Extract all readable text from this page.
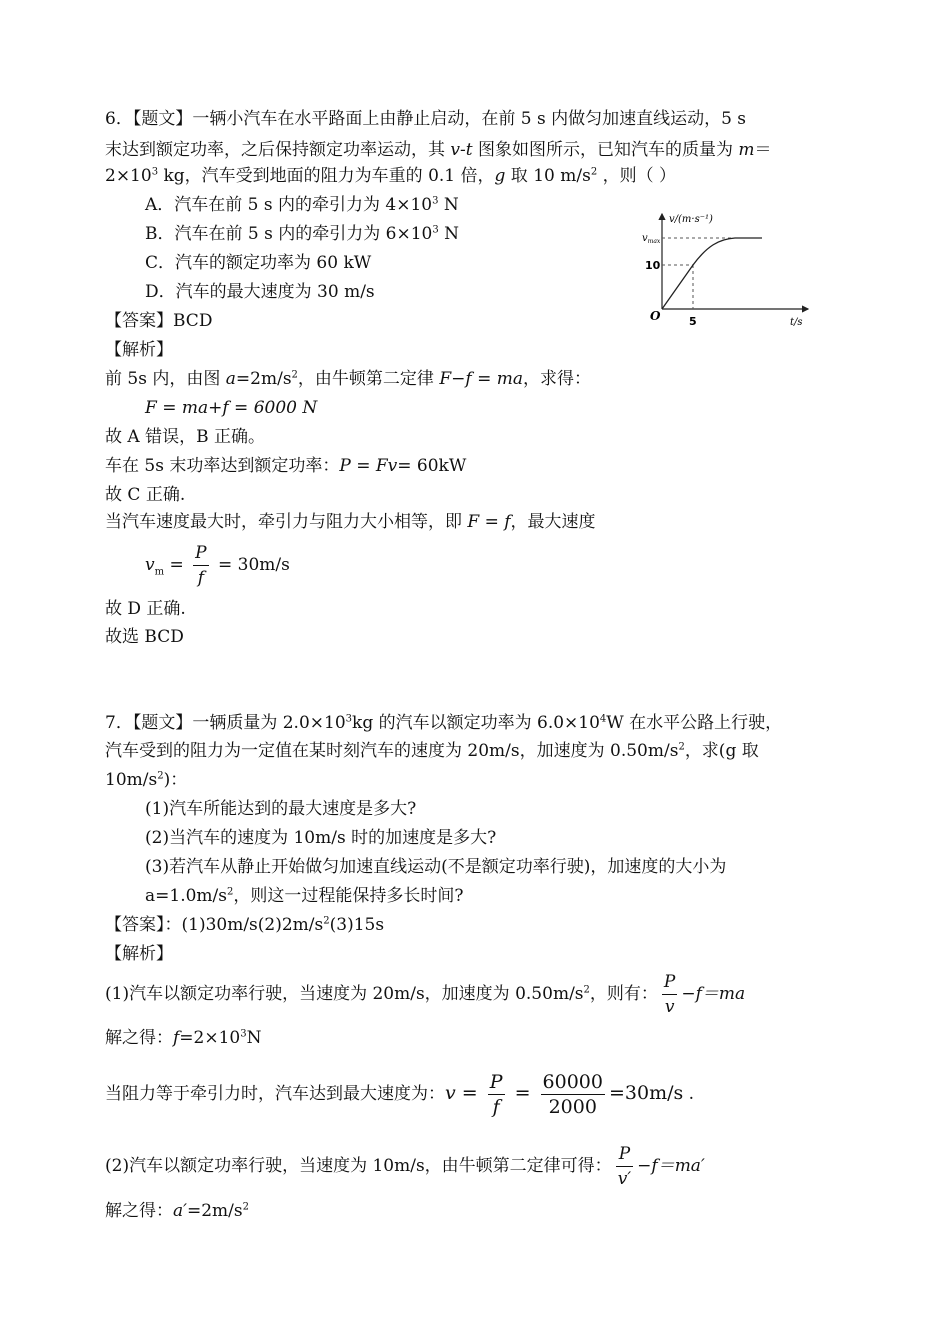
6．【题文】一辆小汽车在水平路面上由静止启动，在前 5 s 内做匀加速直线运动，5 s
末达到额定功率，之后保持额定功率运动，其 v-t 图象如图所示，已知汽车的质量为 m＝
$2\times 10^3$ kg，汽车受到地面的阻力为车重的 0.1 倍，g 取 10 $m/s^2$ ，则（ ）
A．汽车在前 5 s 内的牵引力为 $4\times 10^3$ N
B．汽车在前 5 s 内的牵引力为 $6\times 10^3$ N
C．汽车的额定功率为 60 kW
D．汽车的最大速度为 30 m/s
【答案】BCD
【解析】
前 5s 内，由图 $a=2m/s^2$，由牛顿第二定律 F−f = ma，求得：
F = ma+f = 6000 N
故 A 错误，B 正确。
车在 5s 末功率达到额定功率：P = Fv= 60kW
故 C 正确.
当汽车速度最大时，牵引力与阻力大小相等，即 F = f，最大速度
$v_m = \frac{P}{f} = 30m/s$
故 D 正确.
故选 BCD
v/(m·s⁻¹)
$v_{max}$
10
O	5	t/s
7．【题文】一辆质量为 $2.0\times 10^3kg$ 的汽车以额定功率为 $6.0\times 10^4W$ 在水平公路上行驶，
汽车受到的阻力为一定值在某时刻汽车的速度为 20m/s，加速度为 $0.50m/s^2$，求(g 取
$10m/s^2$)：
(1)汽车所能达到的最大速度是多大?
(2)当汽车的速度为 10m/s 时的加速度是多大?
(3)若汽车从静止开始做匀加速直线运动(不是额定功率行驶)，加速度的大小为
$a=1.0m/s^2$，则这一过程能保持多长时间?
【答案】：$(1)30m/s(2)2m/s^2(3)15s$
【解析】
(1)汽车以额定功率行驶，当速度为 20m/s，加速度为 $0.50m/s^2$，则有： $\frac{P}{v} -f=ma$
解之得：$f=2\times 10^3N$
当阻力等于牵引力时，汽车达到最大速度为：$v = \frac{P}{f} = \frac{60000}{2000} =30m/s$ .
(2)汽车以额定功率行驶，当速度为 10m/s，由牛顿第二定律可得： $\frac{P}{v'} -f=ma'$
解之得：$a'=2m/s^2$
